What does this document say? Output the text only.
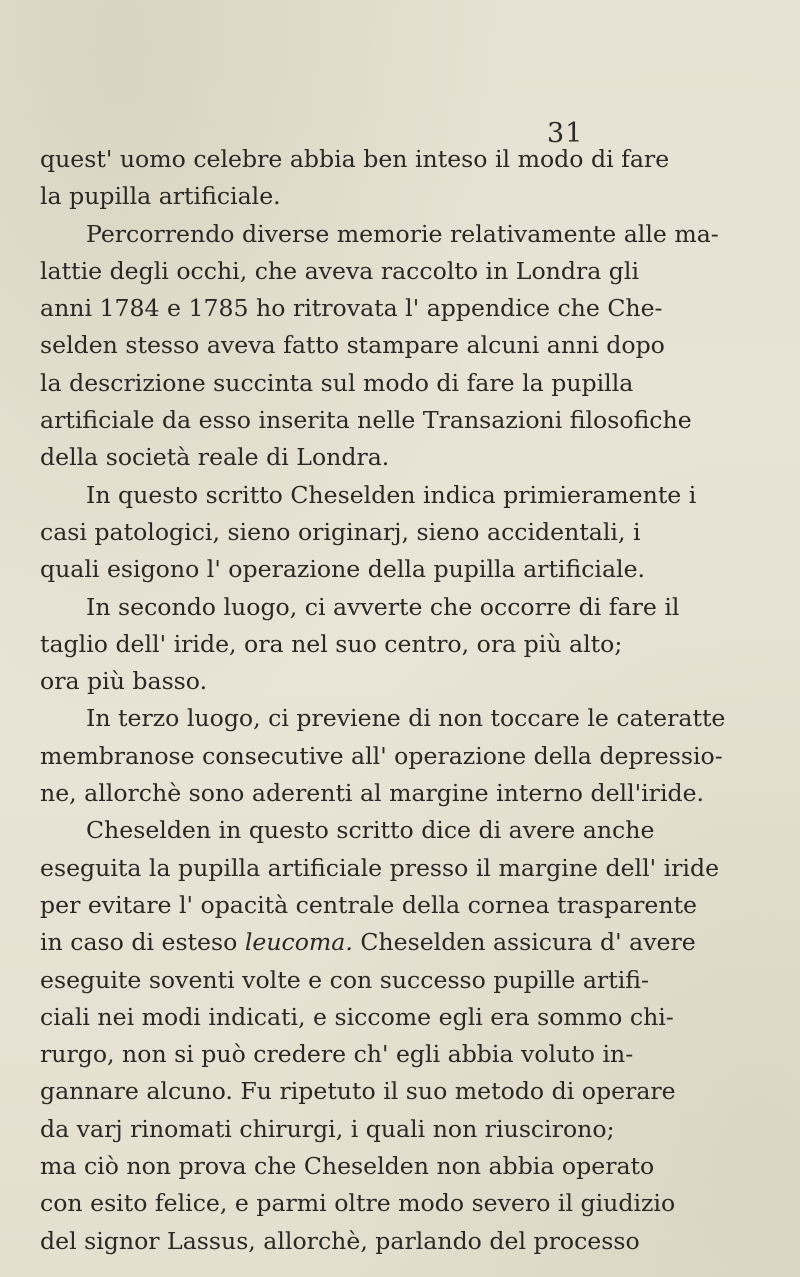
31
quest' uomo celebre abbia ben inteso il modo di fare
la pupilla artificiale.
Percorrendo diverse memorie relativamente alle ma-
lattie degli occhi, che aveva raccolto in Londra gli
anni 1784 e 1785 ho ritrovata l' appendice che Che-
selden stesso aveva fatto stampare alcuni anni dopo
la descrizione succinta sul modo di fare la pupilla
artificiale da esso inserita nelle Transazioni filosofiche
della società reale di Londra.
In questo scritto Cheselden indica primieramente i
casi patologici, sieno originarj, sieno accidentali, i
quali esigono l' operazione della pupilla artificiale.
In secondo luogo, ci avverte che occorre di fare il
taglio dell' iride, ora nel suo centro, ora più alto;
ora più basso.
In terzo luogo, ci previene di non toccare le cateratte
membranose consecutive all' operazione della depressio-
ne, allorchè sono aderenti al margine interno dell'iride.
Cheselden in questo scritto dice di avere anche
eseguita la pupilla artificiale presso il margine dell' iride
per evitare l' opacità centrale della cornea trasparente
in caso di esteso leucoma. Cheselden assicura d' avere
eseguite soventi volte e con successo pupille artifi-
ciali nei modi indicati, e siccome egli era sommo chi-
rurgo, non si può credere ch' egli abbia voluto in-
gannare alcuno. Fu ripetuto il suo metodo di operare
da varj rinomati chirurgi, i quali non riuscirono;
ma ciò non prova che Cheselden non abbia operato
con esito felice, e parmi oltre modo severo il giudizio
del signor Lassus, allorchè, parlando del processo
